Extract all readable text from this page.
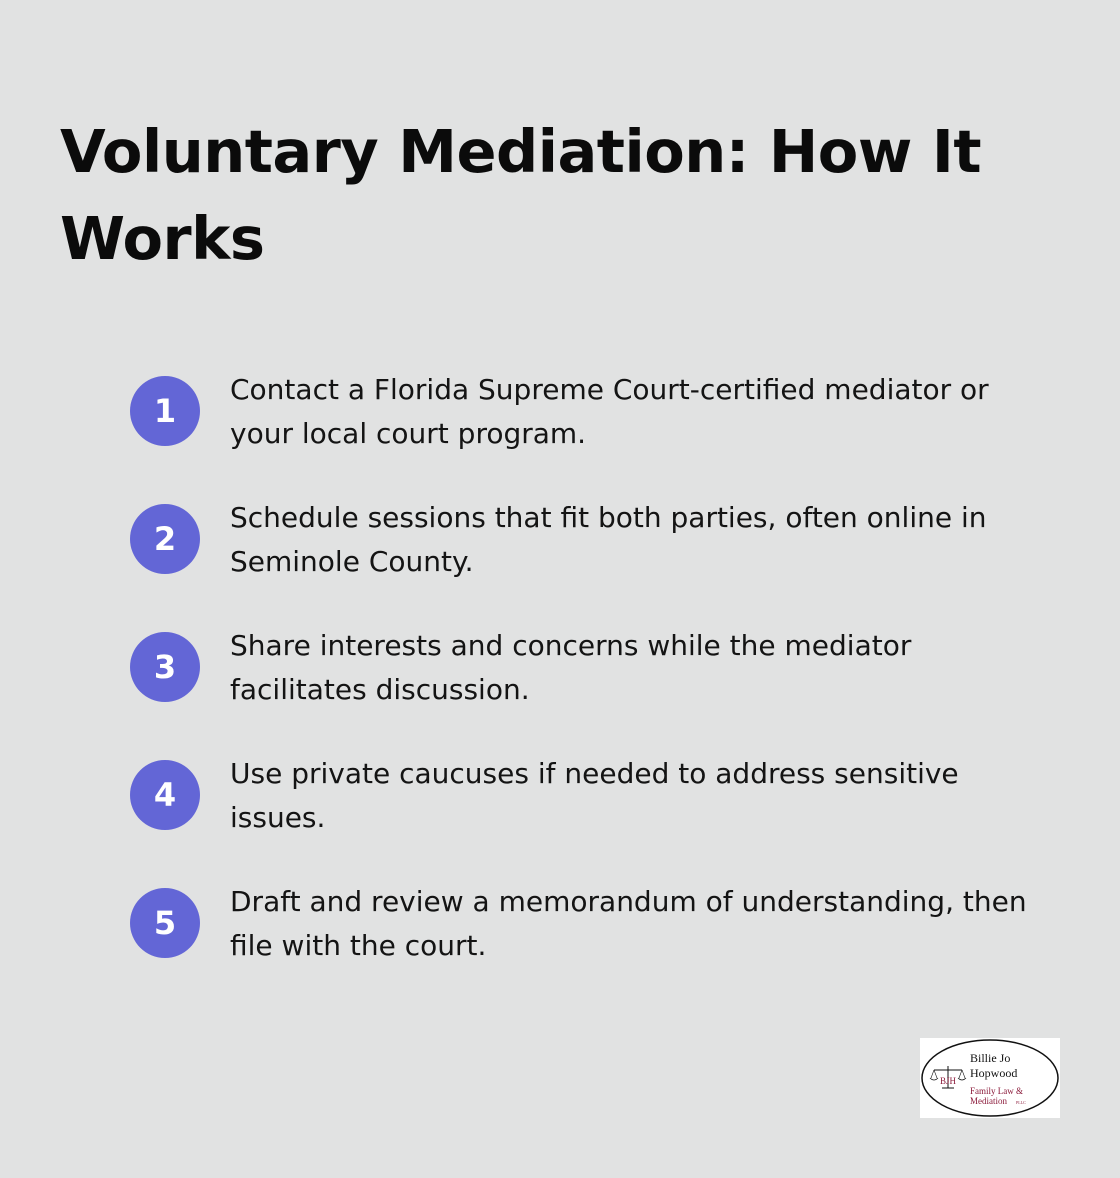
Voluntary Mediation: How It Works
1
Contact a Florida Supreme Court-certified mediator or your local court program.
2
Schedule sessions that fit both parties, often online in Seminole County.
3
Share interests and concerns while the mediator facilitates discussion.
4
Use private caucuses if needed to address sensitive issues.
5
Draft and review a memorandum of understanding, then file with the court.
BJH
Billie Jo
Hopwood
Family Law &
Mediation PLLC
